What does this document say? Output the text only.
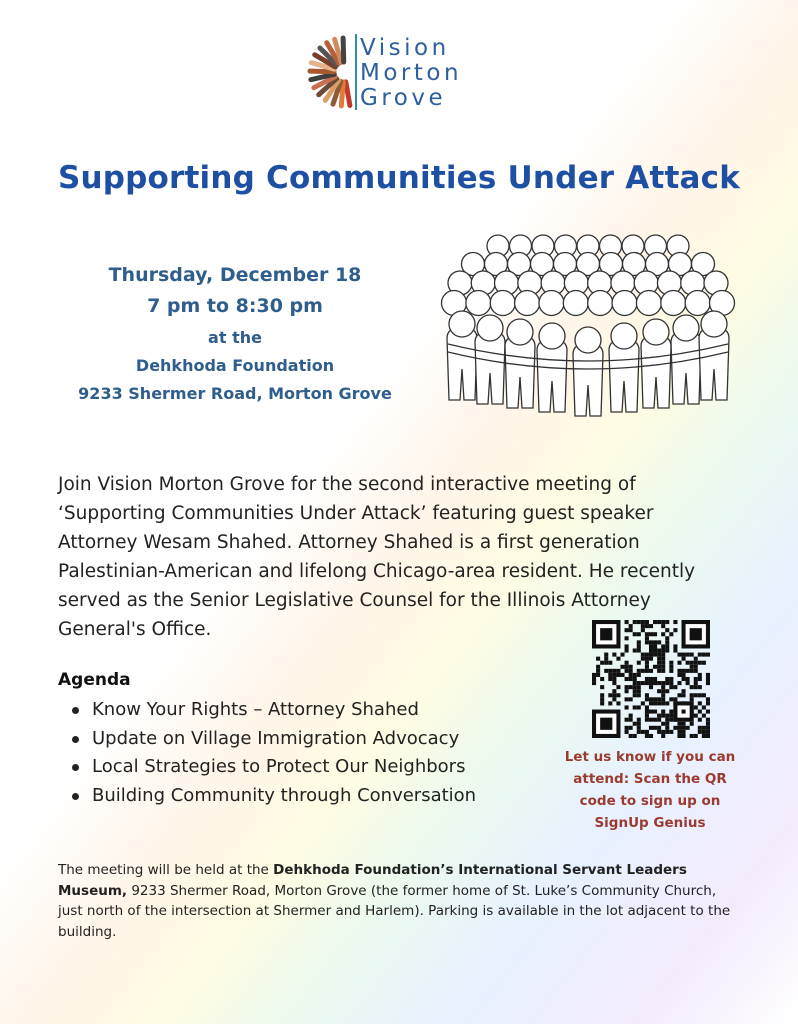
Vision
Morton
Grove
Supporting Communities Under Attack
Thursday, December 18
7 pm to 8:30 pm
at the
Dehkhoda Foundation
9233 Shermer Road, Morton Grove
Join Vision Morton Grove for the second interactive meeting of ‘Supporting Communities Under Attack’ featuring guest speaker Attorney Wesam Shahed. Attorney Shahed is a first generation Palestinian-American and lifelong Chicago-area resident. He recently served as the Senior Legislative Counsel for the Illinois Attorney General's Office.
Let us know if you can
attend: Scan the QR
code to sign up on
SignUp Genius
Agenda
Know Your Rights – Attorney Shahed
Update on Village Immigration Advocacy
Local Strategies to Protect Our Neighbors
Building Community through Conversation
The meeting will be held at the Dehkhoda Foundation’s International Servant Leaders Museum, 9233 Shermer Road, Morton Grove (the former home of St. Luke’s Community Church, just north of the intersection at Shermer and Harlem). Parking is available in the lot adjacent to the building.
